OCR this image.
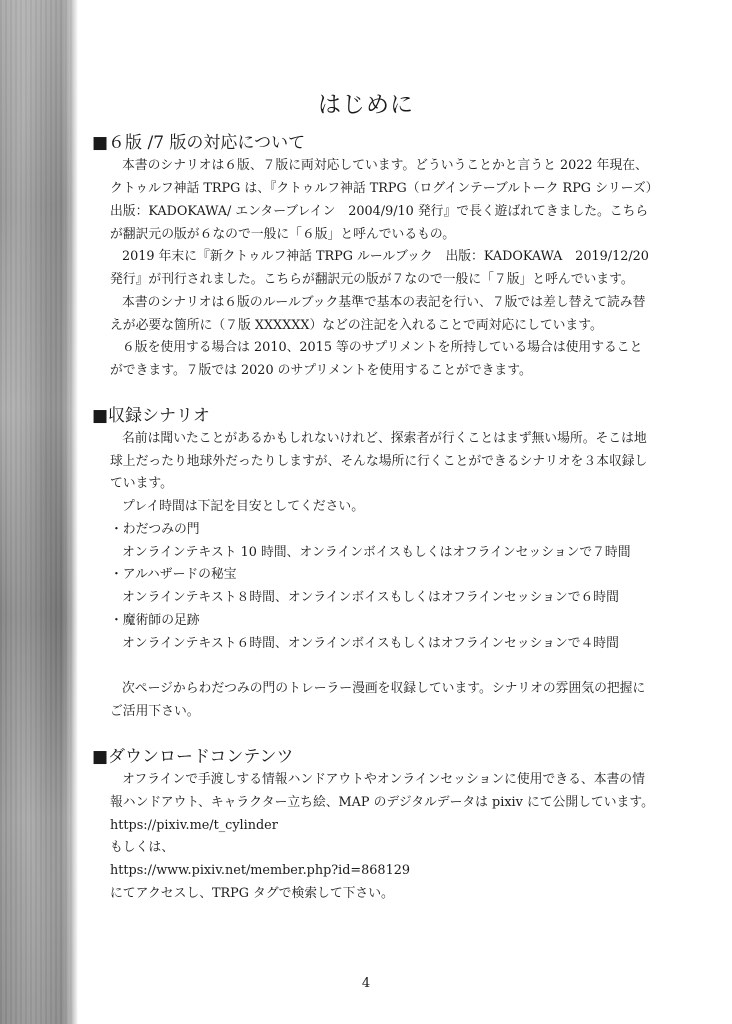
はじめに
■６版 /7 版の対応について
本書のシナリオは６版、７版に両対応しています。どういうことかと言うと 2022 年現在、
クトゥルフ神話 TRPG は、『クトゥルフ神話 TRPG（ログインテーブルトーク RPG シリーズ）
出版：KADOKAWA/ エンターブレイン　2004/9/10 発行』で長く遊ばれてきました。こちら
が翻訳元の版が６なので一般に「６版」と呼んでいるもの。
2019 年末に『新クトゥルフ神話 TRPG ルールブック　出版：KADOKAWA　2019/12/20
発行』が刊行されました。こちらが翻訳元の版が７なので一般に「７版」と呼んでいます。
本書のシナリオは６版のルールブック基準で基本の表記を行い、７版では差し替えて読み替
えが必要な箇所に（７版 XXXXXX）などの注記を入れることで両対応にしています。
６版を使用する場合は 2010、2015 等のサプリメントを所持している場合は使用すること
ができます。７版では 2020 のサプリメントを使用することができます。
■収録シナリオ
名前は聞いたことがあるかもしれないけれど、探索者が行くことはまず無い場所。そこは地
球上だったり地球外だったりしますが、そんな場所に行くことができるシナリオを３本収録し
ています。
プレイ時間は下記を目安としてください。
・わだつみの門
オンラインテキスト 10 時間、オンラインボイスもしくはオフラインセッションで７時間
・アルハザードの秘宝
オンラインテキスト８時間、オンラインボイスもしくはオフラインセッションで６時間
・魔術師の足跡
オンラインテキスト６時間、オンラインボイスもしくはオフラインセッションで４時間
次ページからわだつみの門のトレーラー漫画を収録しています。シナリオの雰囲気の把握に
ご活用下さい。
■ダウンロードコンテンツ
オフラインで手渡しする情報ハンドアウトやオンラインセッションに使用できる、本書の情
報ハンドアウト、キャラクター立ち絵、MAP のデジタルデータは pixiv にて公開しています。
https://pixiv.me/t_cylinder
もしくは、
https://www.pixiv.net/member.php?id=868129
にてアクセスし、TRPG タグで検索して下さい。
4
